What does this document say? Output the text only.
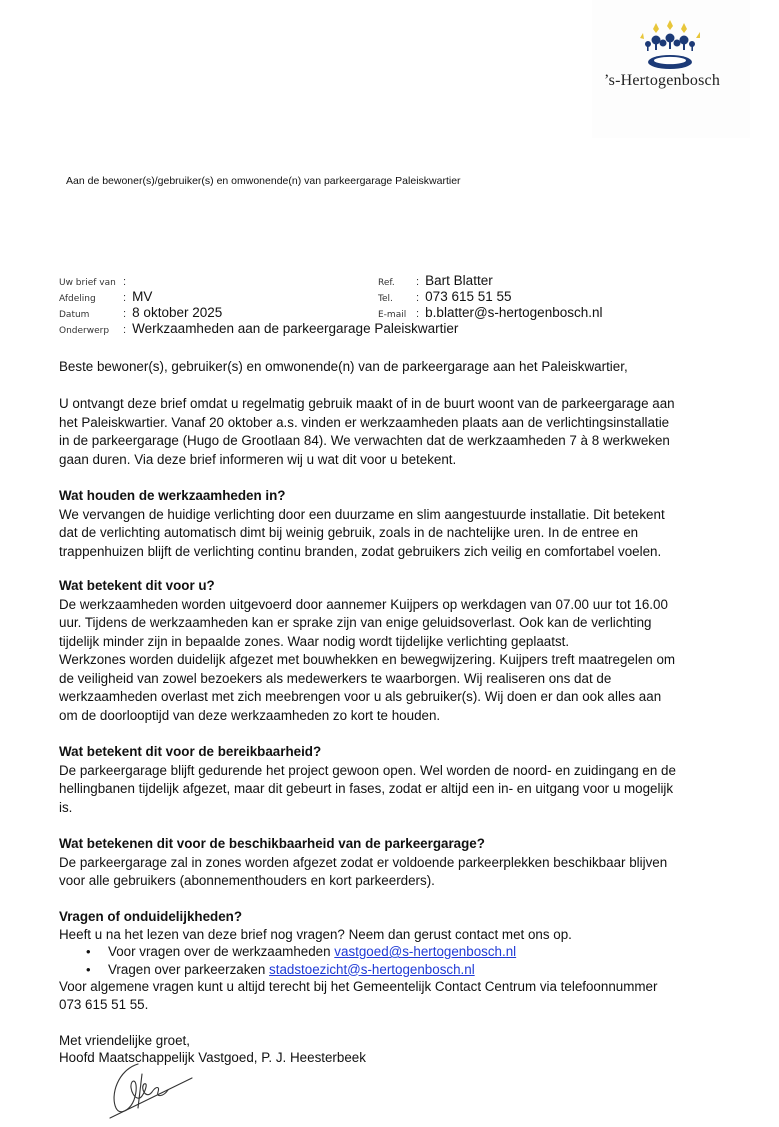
’s-Hertogenbosch
Aan de bewoner(s)/gebruiker(s) en omwonende(n) van parkeergarage Paleiskwartier
Uw brief van :
Afdeling :  MV
Datum	:  8 oktober 2025
Onderwerp :  Werkzaamheden aan de parkeergarage Paleiskwartier
Ref. :  Bart Blatter
Tel. :  073 615 51 55
E-mail :  b.blatter@s-hertogenbosch.nl

Beste bewoner(s), gebruiker(s) en omwonende(n) van de parkeergarage aan het Paleiskwartier,

U ontvangt deze brief omdat u regelmatig gebruik maakt of in de buurt woont van de parkeergarage aan

het Paleiskwartier. Vanaf 20 oktober a.s. vinden er werkzaamheden plaats aan de verlichtingsinstallatie

in de parkeergarage (Hugo de Grootlaan 84). We verwachten dat de werkzaamheden 7 à 8 werkweken

gaan duren. Via deze brief informeren wij u wat dit voor u betekent.

Wat houden de werkzaamheden in?

We vervangen de huidige verlichting door een duurzame en slim aangestuurde installatie. Dit betekent

dat de verlichting automatisch dimt bij weinig gebruik, zoals in de nachtelijke uren. In de entree en

trappenhuizen blijft de verlichting continu branden, zodat gebruikers zich veilig en comfortabel voelen.

Wat betekent dit voor u?

De werkzaamheden worden uitgevoerd door aannemer Kuijpers op werkdagen van 07.00 uur tot 16.00

uur. Tijdens de werkzaamheden kan er sprake zijn van enige geluidsoverlast. Ook kan de verlichting

tijdelijk minder zijn in bepaalde zones. Waar nodig wordt tijdelijke verlichting geplaatst.

Werkzones worden duidelijk afgezet met bouwhekken en bewegwijzering. Kuijpers treft maatregelen om

de veiligheid van zowel bezoekers als medewerkers te waarborgen. Wij realiseren ons dat de

werkzaamheden overlast met zich meebrengen voor u als gebruiker(s). Wij doen er dan ook alles aan

om de doorlooptijd van deze werkzaamheden zo kort te houden.

Wat betekent dit voor de bereikbaarheid?

De parkeergarage blijft gedurende het project gewoon open. Wel worden de noord- en zuidingang en de

hellingbanen tijdelijk afgezet, maar dit gebeurt in fases, zodat er altijd een in- en uitgang voor u mogelijk

is.

Wat betekenen dit voor de beschikbaarheid van de parkeergarage?

De parkeergarage zal in zones worden afgezet zodat er voldoende parkeerplekken beschikbaar blijven

voor alle gebruikers (abonnementhouders en kort parkeerders).

Vragen of onduidelijkheden?

Heeft u na het lezen van deze brief nog vragen? Neem dan gerust contact met ons op.

• Voor vragen over de werkzaamheden vastgoed@s-hertogenbosch.nl
• Vragen over parkeerzaken stadstoezicht@s-hertogenbosch.nl

Voor algemene vragen kunt u altijd terecht bij het Gemeentelijk Contact Centrum via telefoonnummer

073 615 51 55.

Met vriendelijke groet,

Hoofd Maatschappelijk Vastgoed, P. J. Heesterbeek
